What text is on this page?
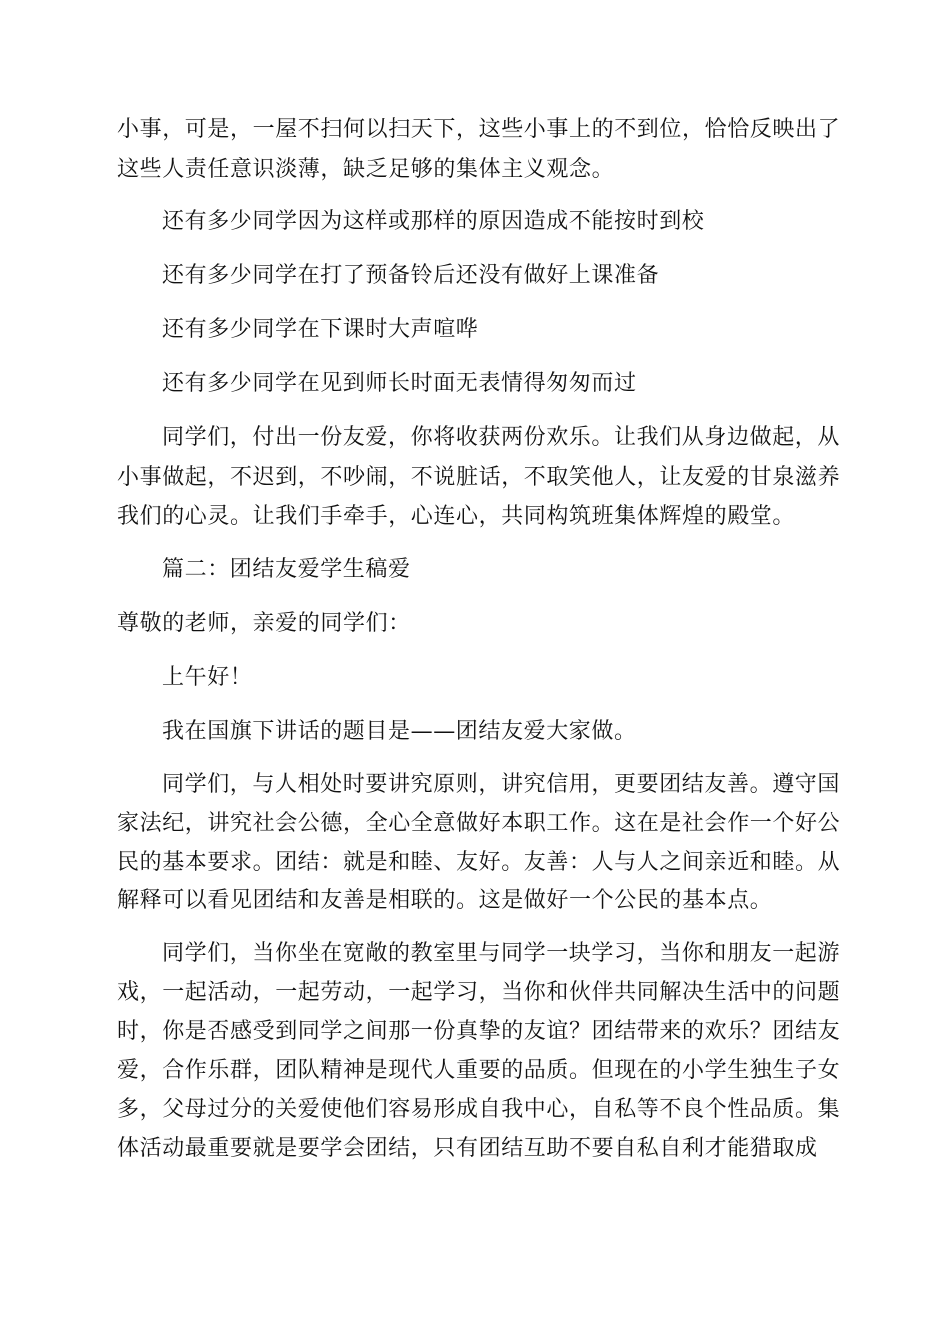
小事，可是，一屋不扫何以扫天下，这些小事上的不到位，恰恰反映出了
这些人责任意识淡薄，缺乏足够的集体主义观念。
还有多少同学因为这样或那样的原因造成不能按时到校
还有多少同学在打了预备铃后还没有做好上课准备
还有多少同学在下课时大声喧哗
还有多少同学在见到师长时面无表情得匆匆而过
同学们，付出一份友爱，你将收获两份欢乐。让我们从身边做起，从
小事做起，不迟到，不吵闹，不说脏话，不取笑他人，让友爱的甘泉滋养
我们的心灵。让我们手牵手，心连心，共同构筑班集体辉煌的殿堂。
篇二：团结友爱学生稿爱
尊敬的老师，亲爱的同学们：
上午好！
我在国旗下讲话的题目是——团结友爱大家做。
同学们，与人相处时要讲究原则，讲究信用，更要团结友善。遵守国
家法纪，讲究社会公德，全心全意做好本职工作。这在是社会作一个好公
民的基本要求。团结：就是和睦、友好。友善：人与人之间亲近和睦。从
解释可以看见团结和友善是相联的。这是做好一个公民的基本点。
同学们，当你坐在宽敞的教室里与同学一块学习，当你和朋友一起游
戏，一起活动，一起劳动，一起学习，当你和伙伴共同解决生活中的问题
时，你是否感受到同学之间那一份真挚的友谊？团结带来的欢乐？团结友
爱，合作乐群，团队精神是现代人重要的品质。但现在的小学生独生子女
多，父母过分的关爱使他们容易形成自我中心，自私等不良个性品质。集
体活动最重要就是要学会团结，只有团结互助不要自私自利才能猎取成
